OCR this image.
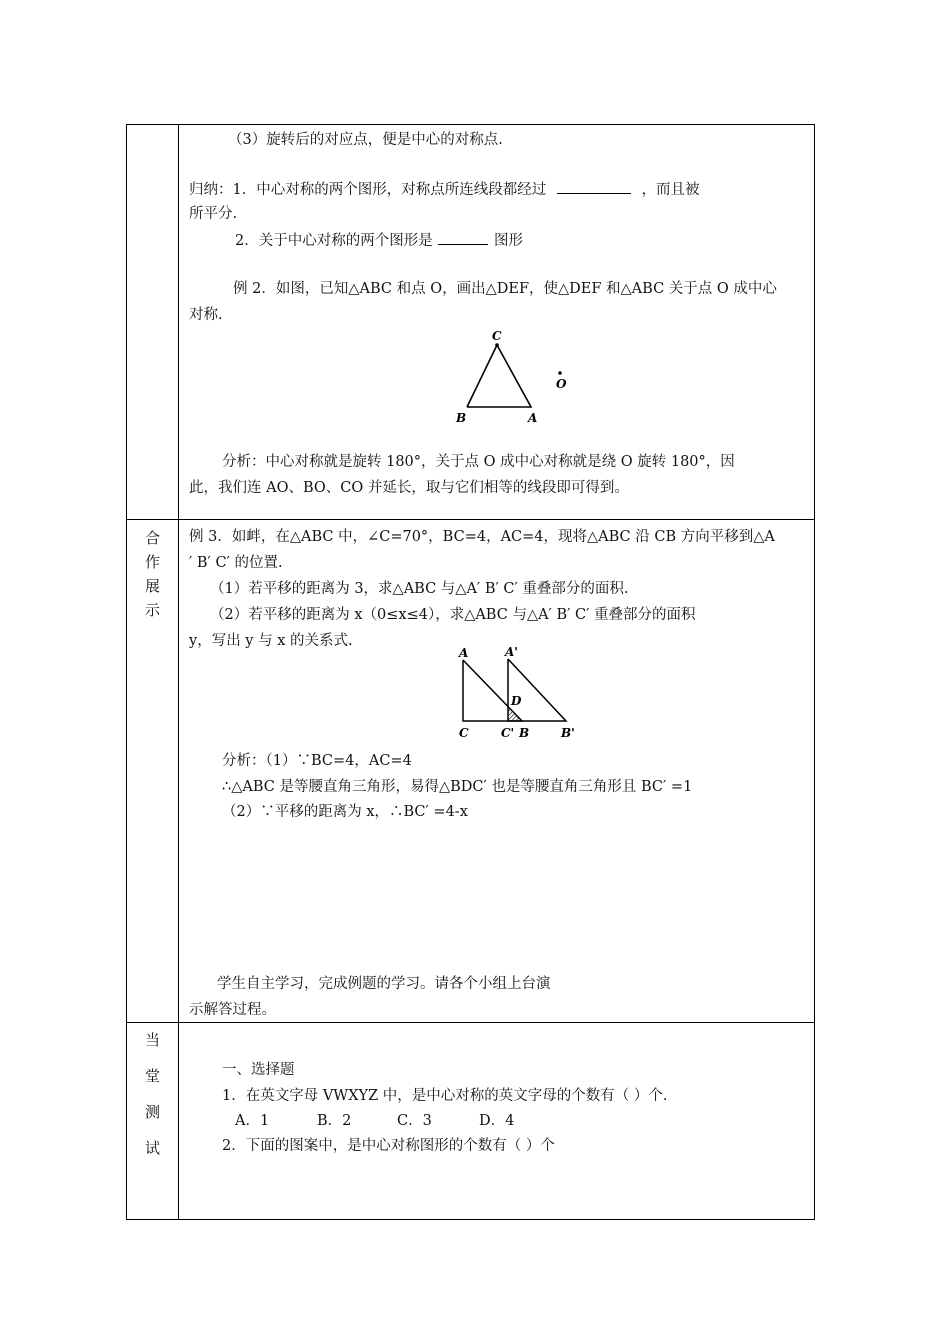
（3）旋转后的对应点，便是中心的对称点.
归纳：1．中心对称的两个图形，对称点所连线段都经过	，而且被
所平分.
2．关于中心对称的两个图形是	图形
例 2．如图，已知△ABC 和点 O，画出△DEF，使△DEF 和△ABC 关于点 O 成中心
对称.
C
B	A
O
分析：中心对称就是旋转 180°，关于点 O 成中心对称就是绕 O 旋转 180°，因
此，我们连 AO、BO、CO 并延长，取与它们相等的线段即可得到。
合
作
展
示
例 3．如衅，在△ABC 中，∠C=70°，BC=4，AC=4，现将△ABC 沿 CB 方向平移到△A
′ B′ C′ 的位置.
（1）若平移的距离为 3，求△ABC 与△A′ B′ C′ 重叠部分的面积.
（2）若平移的距离为 x（0≤x≤4），求△ABC 与△A′ B′ C′ 重叠部分的面积
y，写出 y 与 x 的关系式.
A	A'
D
C	C' B	B'
分析：（1）∵BC=4，AC=4
∴△ABC 是等腰直角三角形，易得△BDC′ 也是等腰直角三角形且 BC′ =1
（2）∵平移的距离为 x，∴BC′ =4-x
学生自主学习，完成例题的学习。请各个小组上台演
示解答过程。
当
堂
测
试
一、选择题
1．在英文字母 VWXYZ 中，是中心对称的英文字母的个数有（ ）个.
A．1	B．2	C．3	D．4
2．下面的图案中，是中心对称图形的个数有（ ）个
